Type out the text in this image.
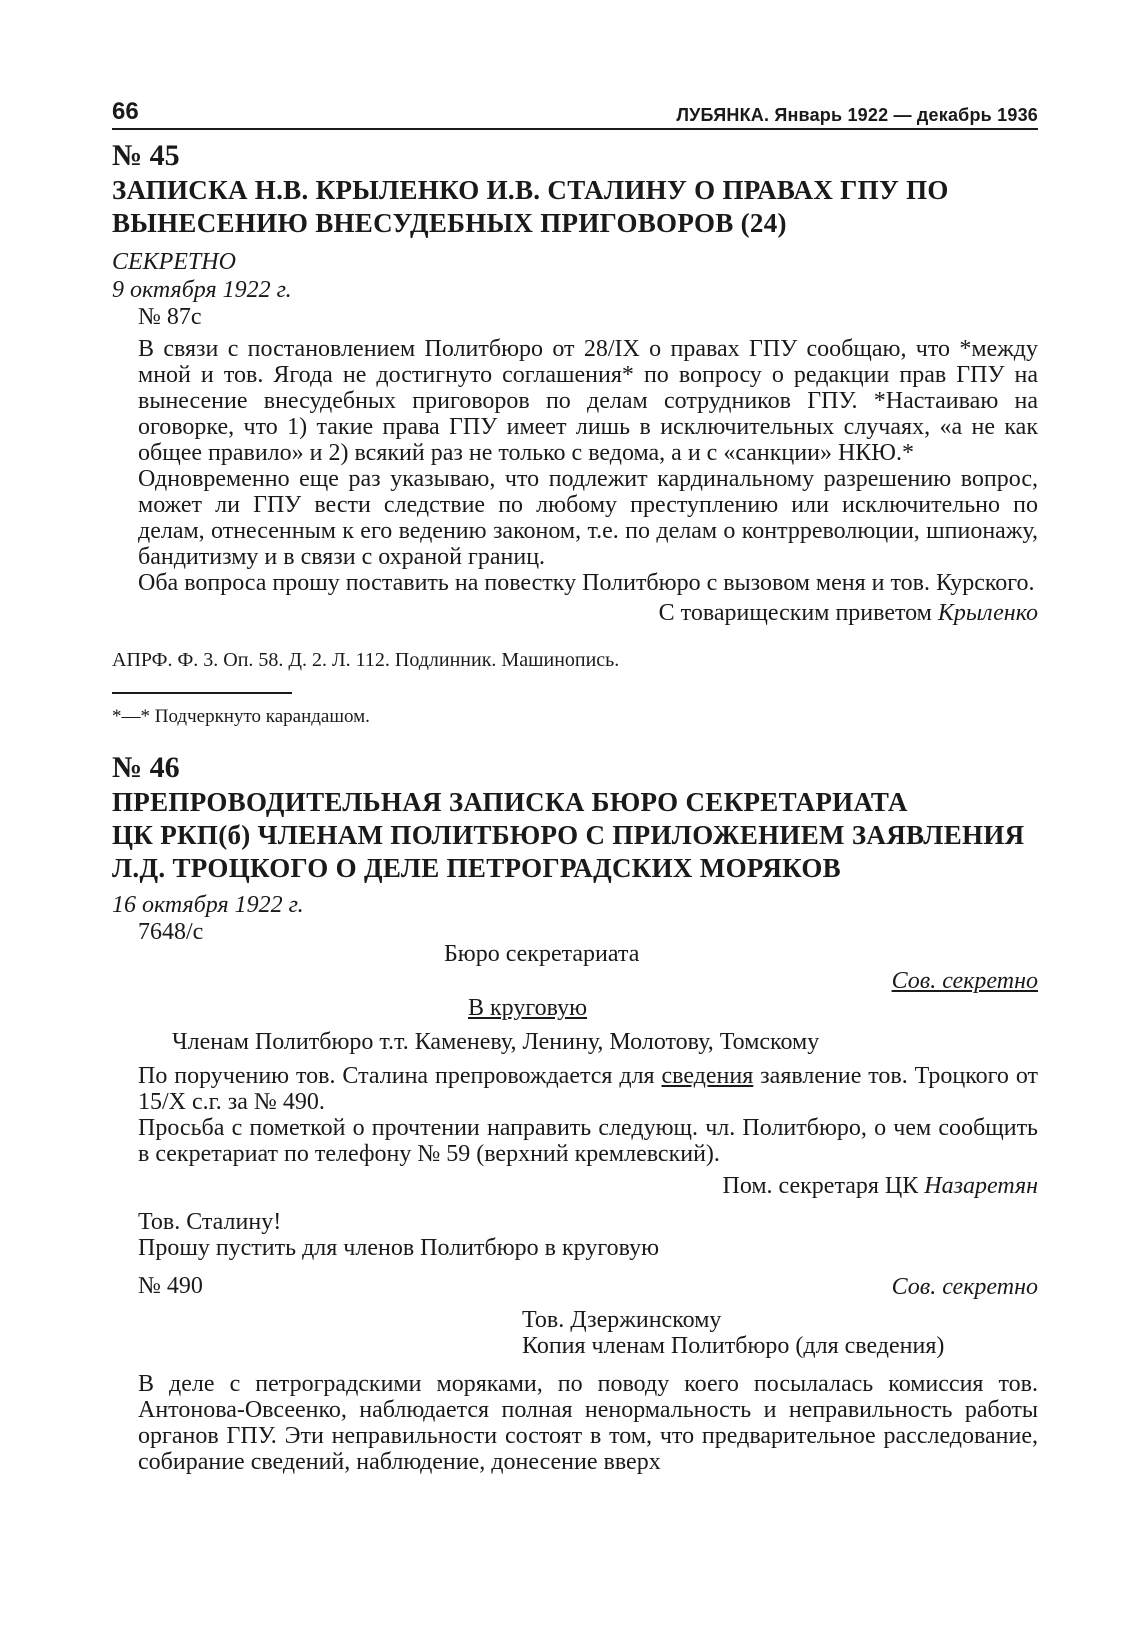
66	ЛУБЯНКА. Январь 1922 — декабрь 1936
№ 45
ЗАПИСКА Н.В. КРЫЛЕНКО И.В. СТАЛИНУ О ПРАВАХ ГПУ ПО
ВЫНЕСЕНИЮ ВНЕСУДЕБНЫХ ПРИГОВОРОВ (24)
СЕКРЕТНО
9 октября 1922 г.
№ 87с

В связи с постановлением Политбюро от 28/IX о правах ГПУ сообщаю, что *между мной и тов. Ягода не достигнуто соглашения* по вопросу о редакции прав ГПУ на вынесение внесудебных приговоров по делам сотрудников ГПУ. *Настаиваю на оговорке, что 1) такие права ГПУ имеет лишь в исключительных случаях, «а не как общее правило» и 2) всякий раз не только с ведома, а и с «санкции» НКЮ.*

Одновременно еще раз указываю, что подлежит кардинальному разрешению вопрос, может ли ГПУ вести следствие по любому преступлению или исключительно по делам, отнесенным к его ведению законом, т.е. по делам о контрреволюции, шпионажу, бандитизму и в связи с охраной границ.

Оба вопроса прошу поставить на повестку Политбюро с вызовом меня и тов. Курского.

С товарищеским приветом Крыленко

АПРФ. Ф. 3. Оп. 58. Д. 2. Л. 112. Подлинник. Машинопись.

*—* Подчеркнуто карандашом.

№ 46
ПРЕПРОВОДИТЕЛЬНАЯ ЗАПИСКА БЮРО СЕКРЕТАРИАТА
ЦК РКП(б) ЧЛЕНАМ ПОЛИТБЮРО С ПРИЛОЖЕНИЕМ ЗАЯВЛЕНИЯ
Л.Д. ТРОЦКОГО О ДЕЛЕ ПЕТРОГРАДСКИХ МОРЯКОВ
16 октября 1922 г.
7648/с
Бюро секретариата
Сов. секретно
В круговую
Членам Политбюро т.т. Каменеву, Ленину, Молотову, Томскому

По поручению тов. Сталина препровождается для сведения заявление тов. Троцкого от 15/X с.г. за № 490.

Просьба с пометкой о прочтении направить следующ. чл. Политбюро, о чем сообщить в секретариат по телефону № 59 (верхний кремлевский).

Пом. секретаря ЦК Назаретян

Тов. Сталину!
Прошу пустить для членов Политбюро в круговую
№ 490	Сов. секретно
Тов. Дзержинскому
Копия членам Политбюро (для сведения)

В деле с петроградскими моряками, по поводу коего посылалась комиссия тов. Антонова-Овсеенко, наблюдается полная ненормальность и неправильность работы органов ГПУ. Эти неправильности состоят в том, что предварительное расследование, собирание сведений, наблюдение, донесение вверх
